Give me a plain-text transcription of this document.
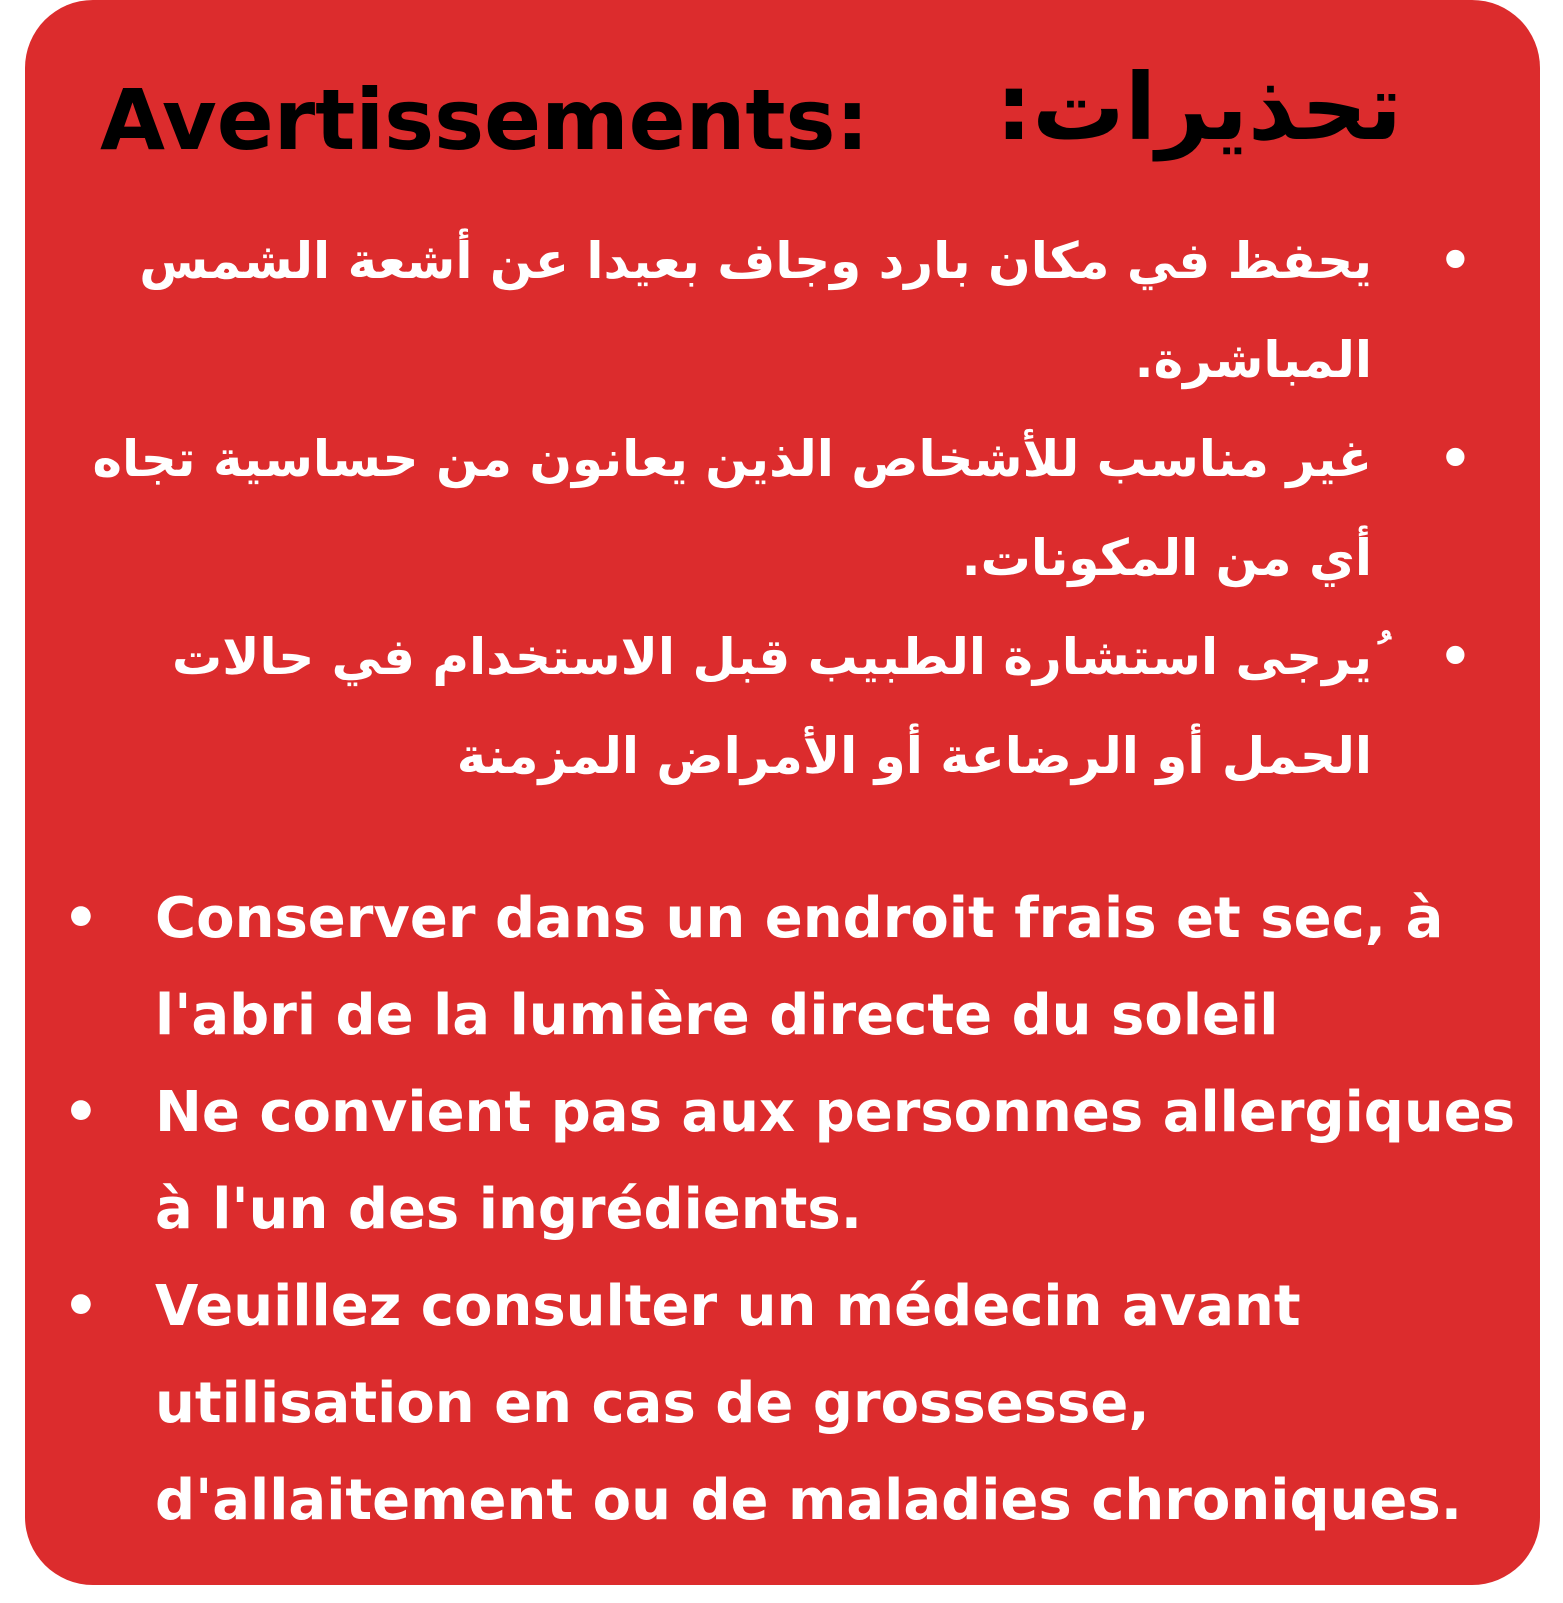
Avertissements: تحذيرات:
•
يحفظ في مكان بارد وجاف بعيدا عن أشعة الشمس المباشرة.
•
غير مناسب للأشخاص الذين يعانون من حساسية تجاه أي من المكونات.
•
ُيرجى استشارة الطبيب قبل الاستخدام في حالات الحمل أو الرضاعة أو الأمراض المزمنة
• Conserver dans un endroit frais et sec, à l'abri de la lumière directe du soleil
• Ne convient pas aux personnes allergiques à l'un des ingrédients.
• Veuillez consulter un médecin avant utilisation en cas de grossesse, d'allaitement ou de maladies chroniques.
